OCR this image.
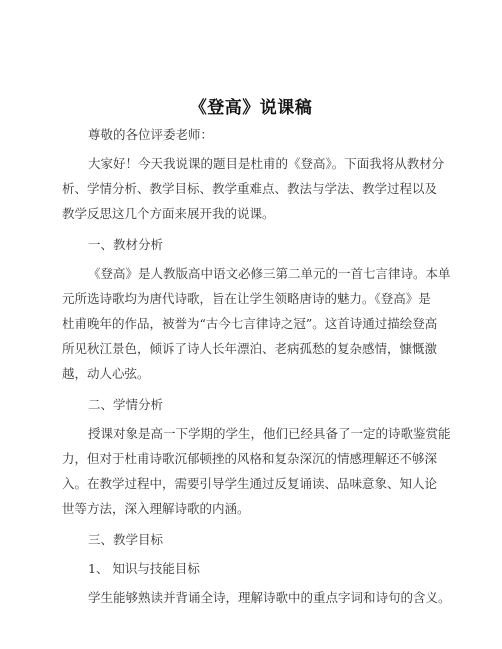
《登高》说课稿
尊敬的各位评委老师：
大家好！今天我说课的题目是杜甫的《登高》。下面我将从教材分
析、学情分析、教学目标、教学重难点、教法与学法、教学过程以及
教学反思这几个方面来展开我的说课。
一、教材分析
《登高》是人教版高中语文必修三第二单元的一首七言律诗。本单
元所选诗歌均为唐代诗歌，旨在让学生领略唐诗的魅力。《登高》是
杜甫晚年的作品，被誉为“古今七言律诗之冠”。这首诗通过描绘登高
所见秋江景色，倾诉了诗人长年漂泊、老病孤愁的复杂感情，慷慨激
越，动人心弦。
二、学情分析
授课对象是高一下学期的学生，他们已经具备了一定的诗歌鉴赏能
力，但对于杜甫诗歌沉郁顿挫的风格和复杂深沉的情感理解还不够深
入。在教学过程中，需要引导学生通过反复诵读、品味意象、知人论
世等方法，深入理解诗歌的内涵。
三、教学目标
1、 知识与技能目标
学生能够熟读并背诵全诗，理解诗歌中的重点字词和诗句的含义。
